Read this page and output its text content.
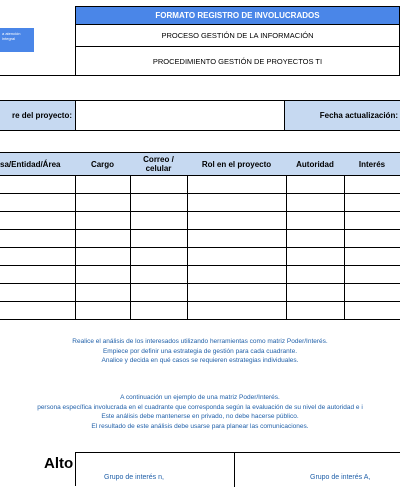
a atención integral
FORMATO REGISTRO DE INVOLUCRADOS
PROCESO GESTIÓN DE LA INFORMACIÓN
PROCEDIMIENTO GESTIÓN DE PROYECTOS TI
re del proyecto:	Fecha actualización:
sa/Entidad/Área	Cargo	Correo / celular	Rol en el proyecto	Autoridad	Interés
Realice el análisis de los interesados utilizando herramientas como matriz Poder/Interés.
Empiece por definir una estrategia de gestión para cada cuadrante.
Analice y decida en qué casos se requieren estrategias individuales.
A continuación un ejemplo de una matriz Poder/Interés.
persona específica involucrada en el cuadrante que corresponda según la evaluación de su nivel de autoridad e i
Este análisis debe mantenerse en privado, no debe hacerse público.
El resultado de este análisis debe usarse para planear las comunicaciones.
Alto
Grupo de interés n,	Grupo de interés A,
